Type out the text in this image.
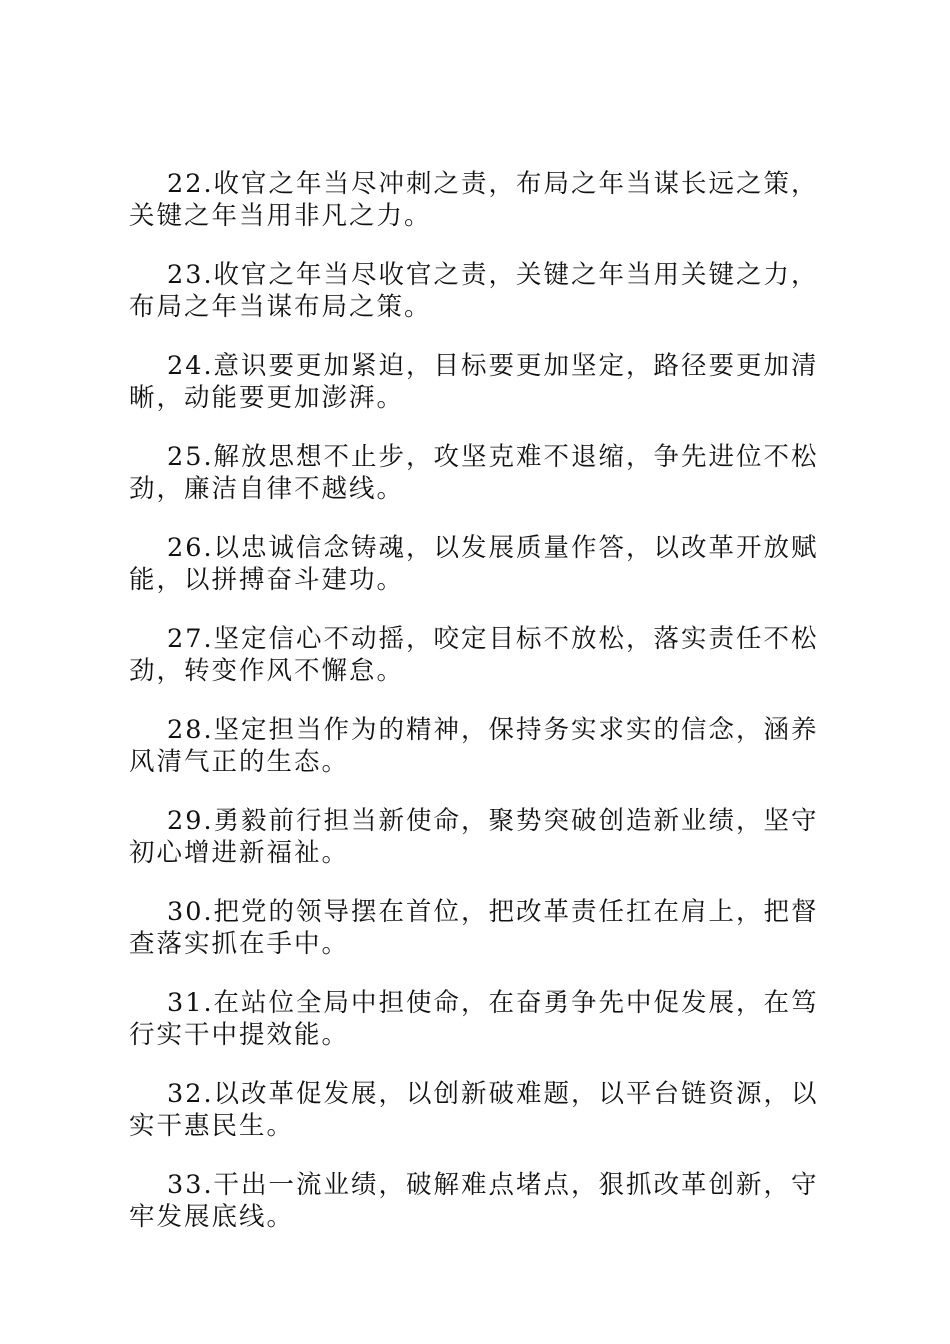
22.收官之年当尽冲刺之责，布局之年当谋长远之策，关键之年当用非凡之力。

23.收官之年当尽收官之责，关键之年当用关键之力，布局之年当谋布局之策。

24.意识要更加紧迫，目标要更加坚定，路径要更加清晰，动能要更加澎湃。

25.解放思想不止步，攻坚克难不退缩，争先进位不松劲，廉洁自律不越线。

26.以忠诚信念铸魂，以发展质量作答，以改革开放赋能，以拼搏奋斗建功。

27.坚定信心不动摇，咬定目标不放松，落实责任不松劲，转变作风不懈怠。

28.坚定担当作为的精神，保持务实求实的信念，涵养风清气正的生态。

29.勇毅前行担当新使命，聚势突破创造新业绩，坚守初心增进新福祉。

30.把党的领导摆在首位，把改革责任扛在肩上，把督查落实抓在手中。

31.在站位全局中担使命，在奋勇争先中促发展，在笃行实干中提效能。

32.以改革促发展，以创新破难题，以平台链资源，以实干惠民生。

33.干出一流业绩，破解难点堵点，狠抓改革创新，守牢发展底线。
